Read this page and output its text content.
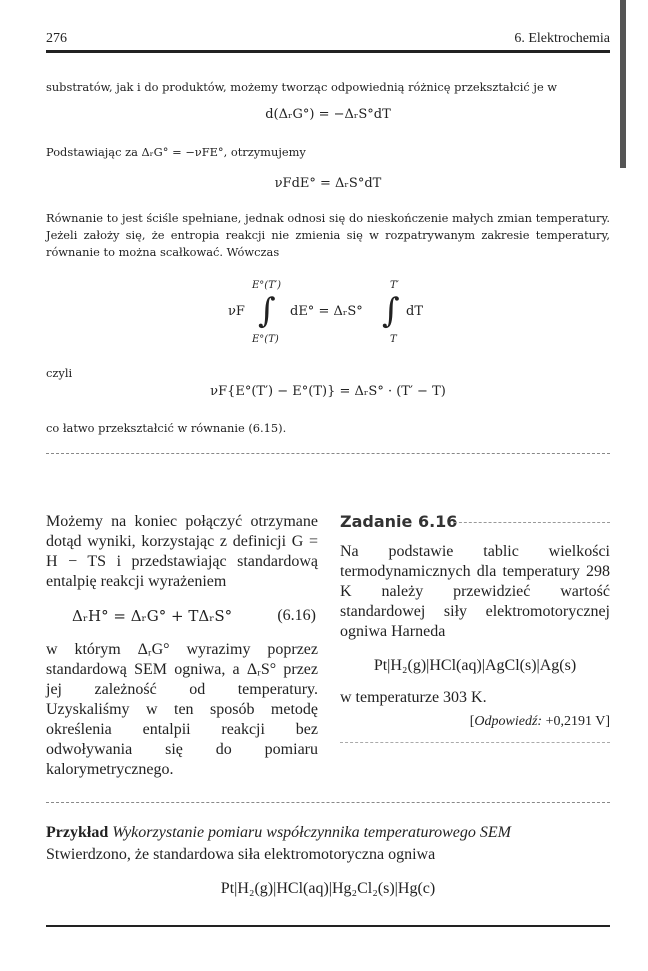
276	6. Elektrochemia
substratów, jak i do produktów, możemy tworząc odpowiednią różnicę przekształcić je w
d(ΔᵣG°) = −ΔᵣS°dT
Podstawiając za ΔᵣG° = −νFE°, otrzymujemy
νFdE° = ΔᵣS°dT
Równanie to jest ściśle spełniane, jednak odnosi się do nieskończenie małych zmian temperatury. Jeżeli założy się, że entropia reakcji nie zmienia się w rozpatrywanym zakresie temperatury, równanie to można scałkować. Wówczas
νF
E°(T′)
∫
E°(T)
dE° = ΔᵣS°
T′
∫
T
dT
czyli
νF{E°(T′) − E°(T)} = ΔᵣS° · (T′ − T)
co łatwo przekształcić w równanie (6.15).
Możemy na koniec połączyć otrzymane dotąd wyniki, korzystając z definicji G = H − TS i przedstawiając standardową entalpię reakcji wyrażeniem
ΔᵣH° = ΔᵣG° + TΔᵣS°	(6.16)
w którym ΔᵣG° wyrazimy poprzez standardową SEM ogniwa, a ΔᵣS° przez jej zależność od temperatury. Uzyskaliśmy w ten sposób metodę określenia entalpii reakcji bez odwoływania się do pomiaru kalorymetrycznego.
Zadanie 6.16
Na podstawie tablic wielkości termodynamicznych dla temperatury 298 K należy przewidzieć wartość standardowej siły elektromotorycznej ogniwa Harneda
Pt|H₂(g)|HCl(aq)|AgCl(s)|Ag(s)
w temperaturze 303 K.
[Odpowiedź: +0,2191 V]
Przykład Wykorzystanie pomiaru współczynnika temperaturowego SEM
Stwierdzono, że standardowa siła elektromotoryczna ogniwa
Pt|H₂(g)|HCl(aq)|Hg₂Cl₂(s)|Hg(c)
